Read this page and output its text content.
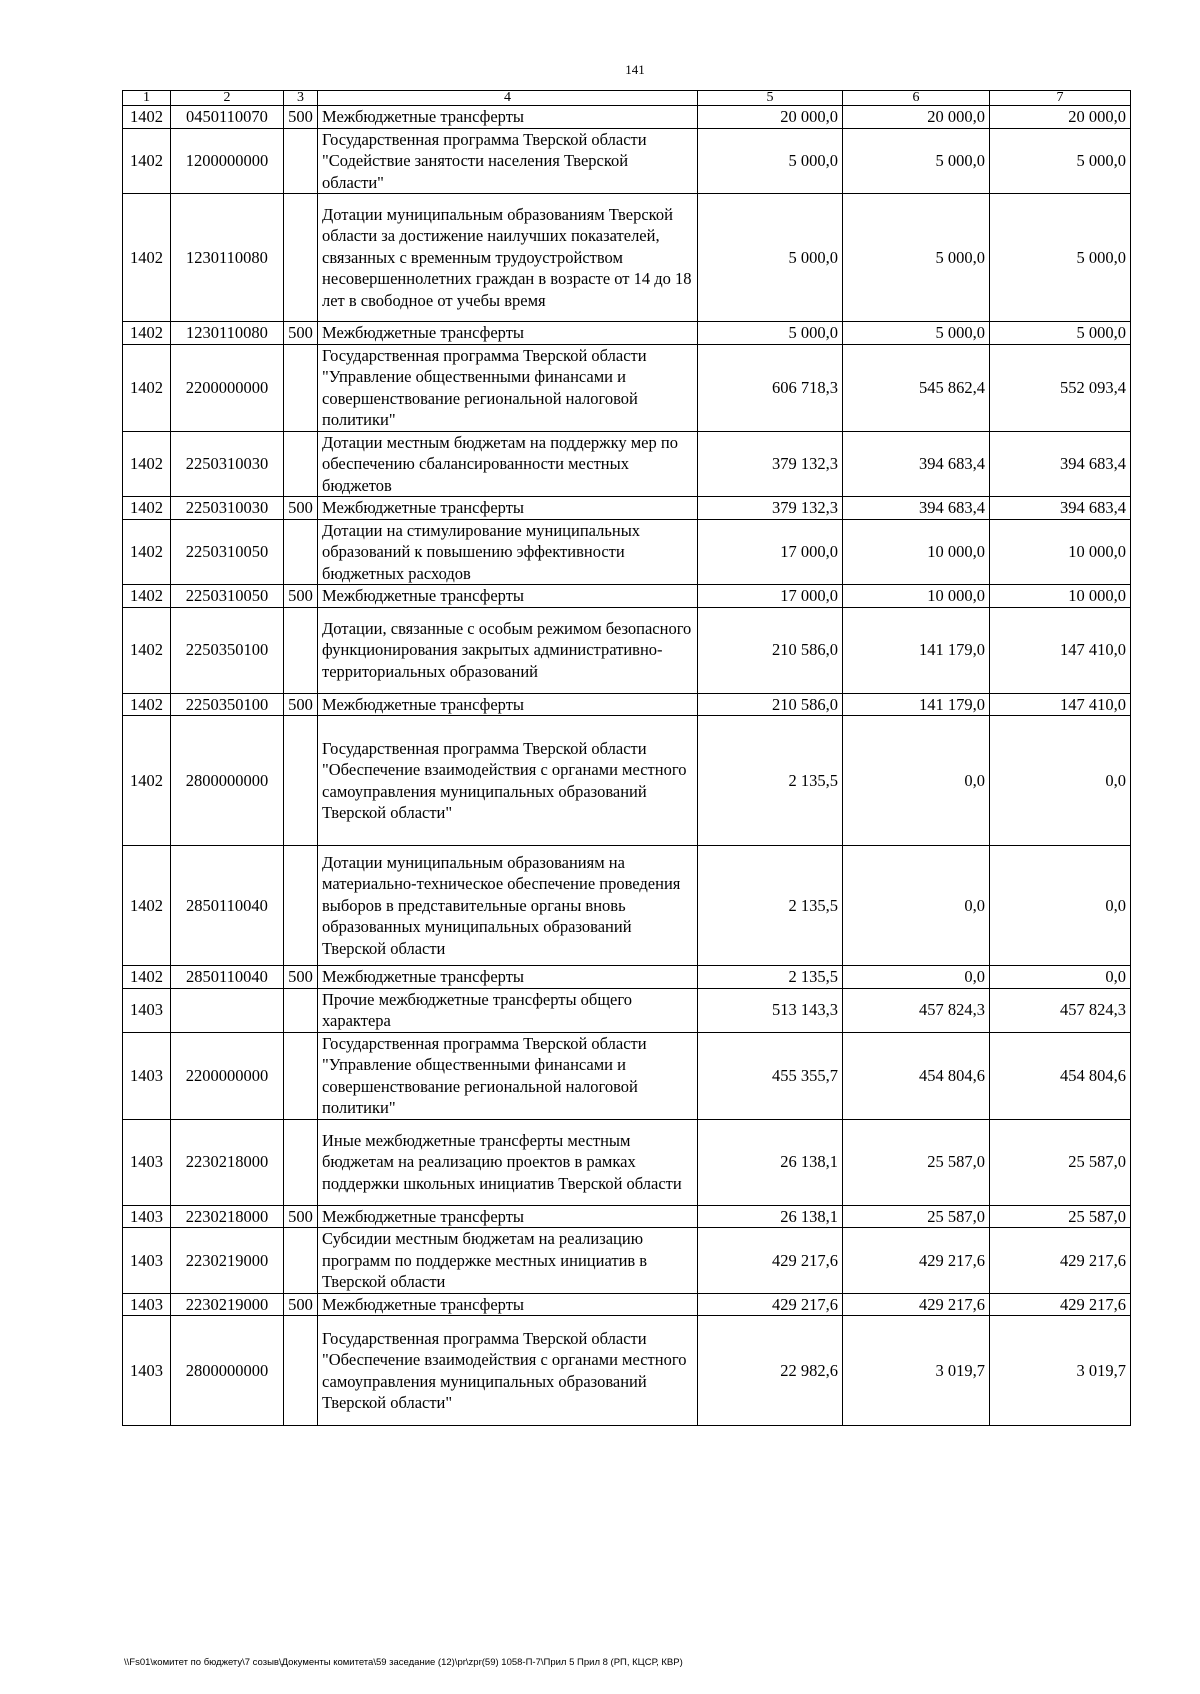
141
1	2	3	4	5	6	7
1402	0450110070	500	Межбюджетные трансферты	20 000,0	20 000,0	20 000,0
1402	1200000000		Государственная программа Тверской области "Содействие занятости населения Тверской области"	5 000,0	5 000,0	5 000,0
1402	1230110080		Дотации муниципальным образованиям Тверской области за достижение наилучших показателей, связанных с временным трудоустройством несовершеннолетних граждан в возрасте от 14 до 18 лет в свободное от учебы время	5 000,0	5 000,0	5 000,0
1402	1230110080	500	Межбюджетные трансферты	5 000,0	5 000,0	5 000,0
1402	2200000000		Государственная программа Тверской области "Управление общественными финансами и совершенствование региональной налоговой политики"	606 718,3	545 862,4	552 093,4
1402	2250310030		Дотации местным бюджетам на поддержку мер по обеспечению сбалансированности местных бюджетов	379 132,3	394 683,4	394 683,4
1402	2250310030	500	Межбюджетные трансферты	379 132,3	394 683,4	394 683,4
1402	2250310050		Дотации на стимулирование муниципальных образований к повышению эффективности бюджетных расходов	17 000,0	10 000,0	10 000,0
1402	2250310050	500	Межбюджетные трансферты	17 000,0	10 000,0	10 000,0
1402	2250350100		Дотации, связанные с особым режимом безопасного функционирования закрытых административно-территориальных образований	210 586,0	141 179,0	147 410,0
1402	2250350100	500	Межбюджетные трансферты	210 586,0	141 179,0	147 410,0
1402	2800000000		Государственная программа Тверской области "Обеспечение взаимодействия с органами местного самоуправления муниципальных образований Тверской области"	2 135,5	0,0	0,0
1402	2850110040		Дотации муниципальным образованиям на материально-техническое обеспечение проведения выборов в представительные органы вновь образованных муниципальных образований Тверской области	2 135,5	0,0	0,0
1402	2850110040	500	Межбюджетные трансферты	2 135,5	0,0	0,0
1403			Прочие межбюджетные трансферты общего характера	513 143,3	457 824,3	457 824,3
1403	2200000000		Государственная программа Тверской области "Управление общественными финансами и совершенствование региональной налоговой политики"	455 355,7	454 804,6	454 804,6
1403	2230218000		Иные межбюджетные трансферты местным бюджетам на реализацию проектов в рамках поддержки школьных инициатив Тверской области	26 138,1	25 587,0	25 587,0
1403	2230218000	500	Межбюджетные трансферты	26 138,1	25 587,0	25 587,0
1403	2230219000		Субсидии местным бюджетам на реализацию программ по поддержке местных инициатив в Тверской области	429 217,6	429 217,6	429 217,6
1403	2230219000	500	Межбюджетные трансферты	429 217,6	429 217,6	429 217,6
1403	2800000000		Государственная программа Тверской области "Обеспечение взаимодействия с органами местного самоуправления муниципальных образований Тверской области"	22 982,6	3 019,7	3 019,7
\\Fs01\комитет по бюджету\7 созыв\Документы комитета\59 заседание (12)\pr\zpr(59) 1058-П-7\Прил 5 Прил 8 (РП, КЦСР, КВР)
